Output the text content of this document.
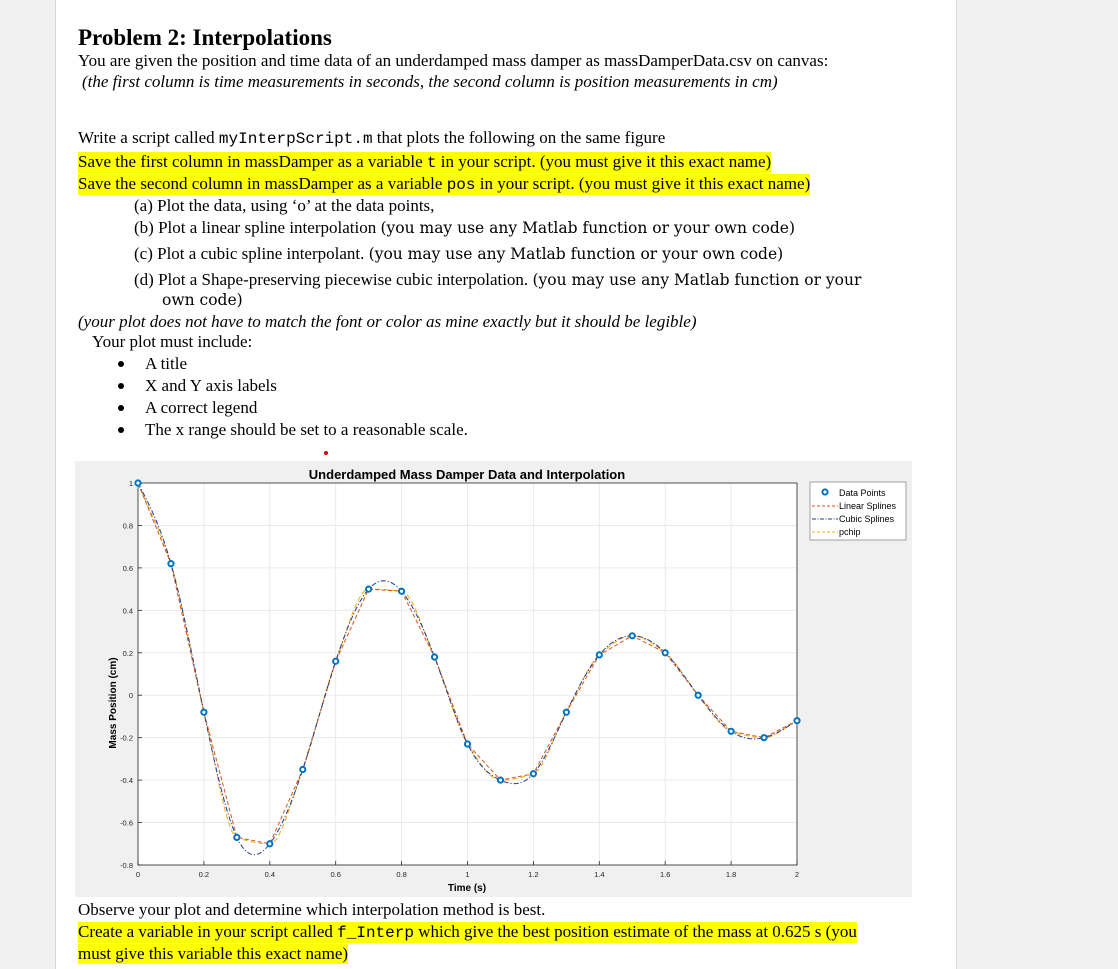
Problem 2: Interpolations
You are given the position and time data of an underdamped mass damper as massDamperData.csv on canvas:
(the first column is time measurements in seconds, the second column is position measurements in cm)
Write a script called myInterpScript.m that plots the following on the same figure
Save the first column in massDamper as a variable t in your script. (you must give it this exact name)
Save the second column in massDamper as a variable pos in your script. (you must give it this exact name)
(a) Plot the data, using ‘o’ at the data points,
(b) Plot a linear spline interpolation (you may use any Matlab function or your own code)
(c) Plot a cubic spline interpolant. (you may use any Matlab function or your own code)
(d) Plot a Shape-preserving piecewise cubic interpolation. (you may use any Matlab function or your
own code)
(your plot does not have to match the font or color as mine exactly but it should be legible)
Your plot must include:
A title
X and Y axis labels
A correct legend
The x range should be set to a reasonable scale.
0	0.2	0.4	0.6	0.8	1	1.2	1.4	1.6	1.8	2
-0.8
-0.6
-0.4
-0.2
0
0.2
0.4
0.6
0.8
1
Underdamped Mass Damper Data and Interpolation
Time (s)
Mass Position (cm)
Data Points
Linear Splines
Cubic Splines
pchip
Observe your plot and determine which interpolation method is best.
Create a variable in your script called f_Interp which give the best position estimate of the mass at 0.625 s (you
must give this variable this exact name)
